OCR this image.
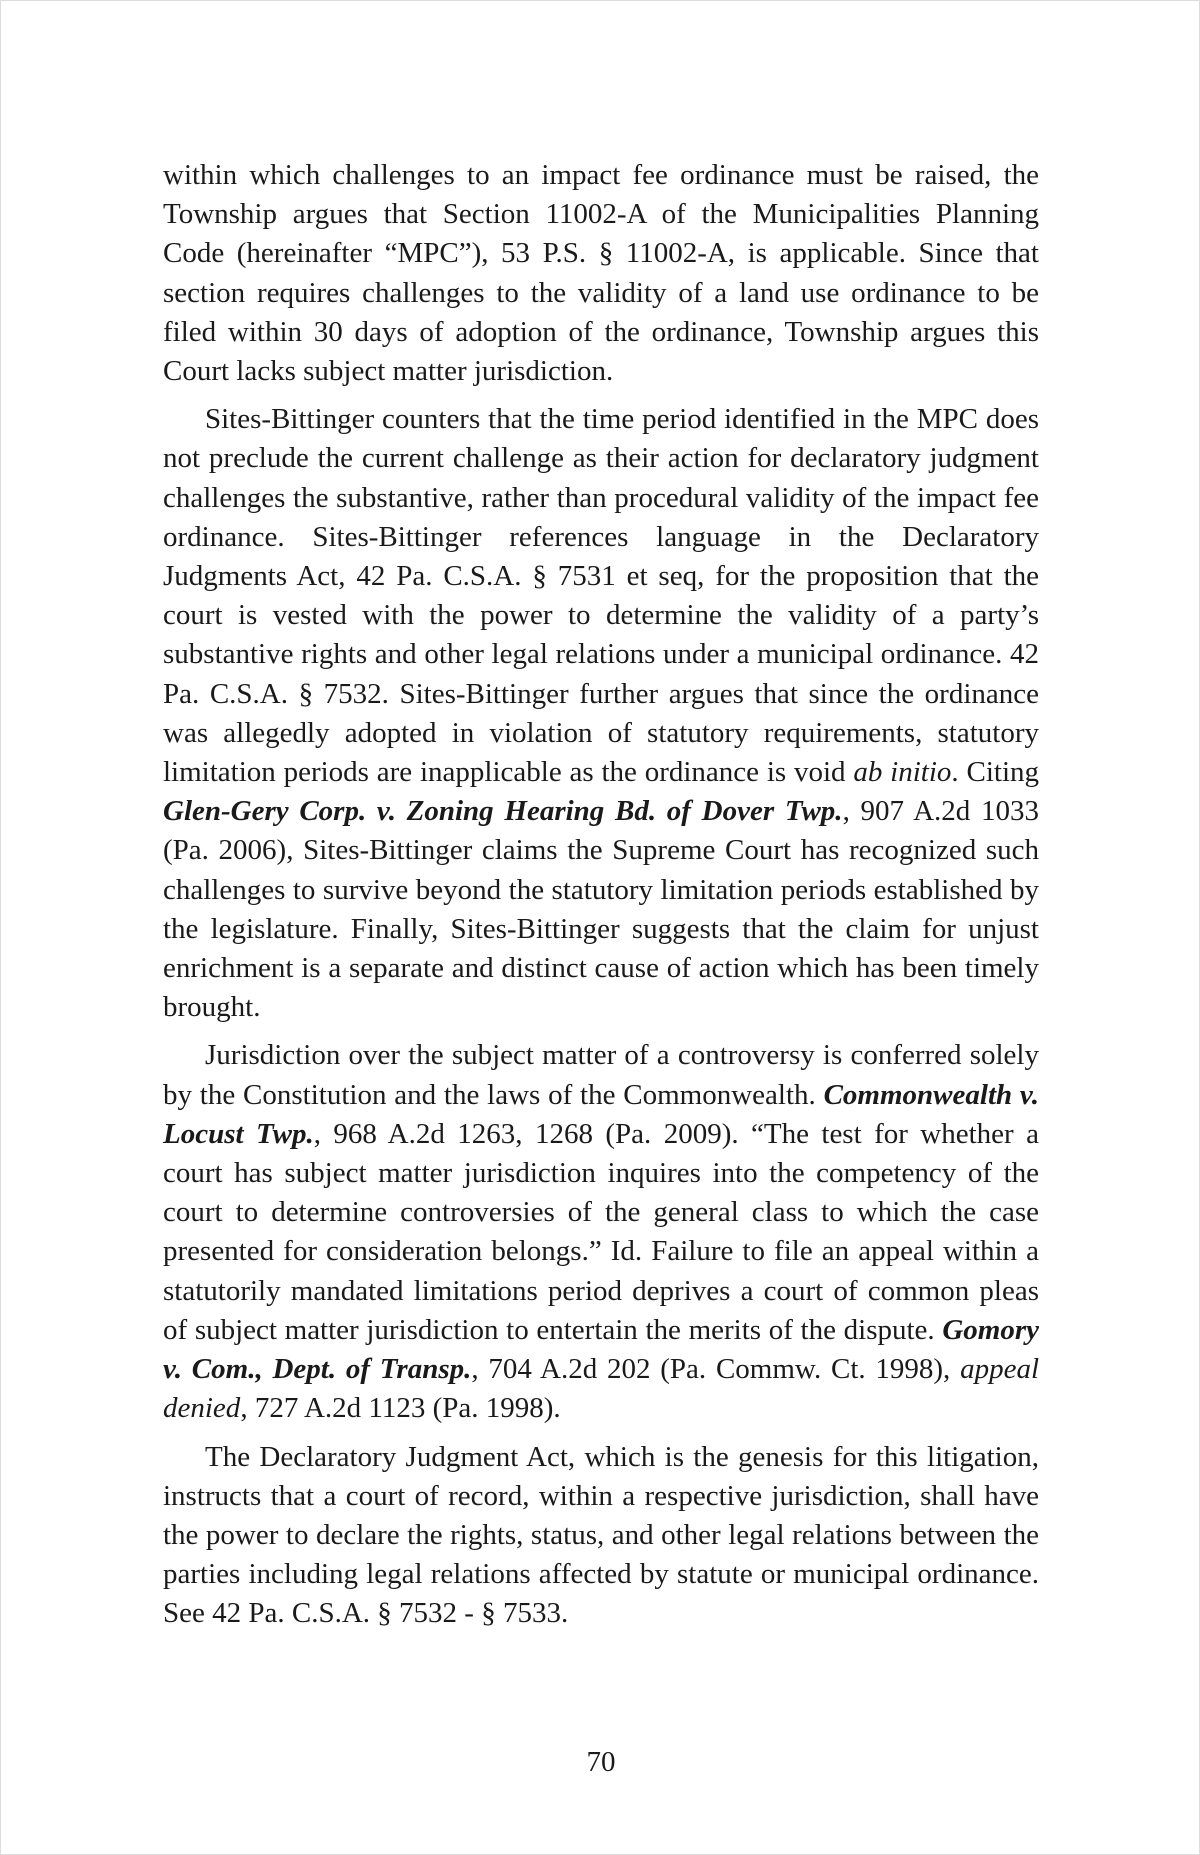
within which challenges to an impact fee ordinance must be raised, the Township argues that Section 11002-A of the Municipalities Planning Code (hereinafter “MPC”), 53 P.S. § 11002-A, is applicable. Since that section requires challenges to the validity of a land use ordinance to be filed within 30 days of adoption of the ordinance, Township argues this Court lacks subject matter jurisdiction.

Sites-Bittinger counters that the time period identified in the MPC does not preclude the current challenge as their action for declaratory judgment challenges the substantive, rather than procedural validity of the impact fee ordinance. Sites-Bittinger references language in the Declaratory Judgments Act, 42 Pa. C.S.A. § 7531 et seq, for the proposition that the court is vested with the power to determine the validity of a party’s substantive rights and other legal relations under a municipal ordinance. 42 Pa. C.S.A. § 7532. Sites-Bittinger further argues that since the ordinance was allegedly adopted in violation of statutory requirements, statutory limitation periods are inapplicable as the ordinance is void ab initio. Citing Glen-Gery Corp. v. Zoning Hearing Bd. of Dover Twp., 907 A.2d 1033 (Pa. 2006), Sites-Bittinger claims the Supreme Court has recognized such challenges to survive beyond the statutory limitation periods established by the legislature. Finally, Sites-Bittinger suggests that the claim for unjust enrichment is a separate and distinct cause of action which has been timely brought.

Jurisdiction over the subject matter of a controversy is conferred solely by the Constitution and the laws of the Commonwealth. Commonwealth v. Locust Twp., 968 A.2d 1263, 1268 (Pa. 2009). “The test for whether a court has subject matter jurisdiction inquires into the competency of the court to determine controversies of the general class to which the case presented for consideration belongs.” Id. Failure to file an appeal within a statutorily mandated limitations period deprives a court of common pleas of subject matter jurisdiction to entertain the merits of the dispute. Gomory v. Com., Dept. of Transp., 704 A.2d 202 (Pa. Commw. Ct. 1998), appeal denied, 727 A.2d 1123 (Pa. 1998).

The Declaratory Judgment Act, which is the genesis for this litigation, instructs that a court of record, within a respective jurisdiction, shall have the power to declare the rights, status, and other legal relations between the parties including legal relations affected by statute or municipal ordinance. See 42 Pa. C.S.A. § 7532 - § 7533.

70
